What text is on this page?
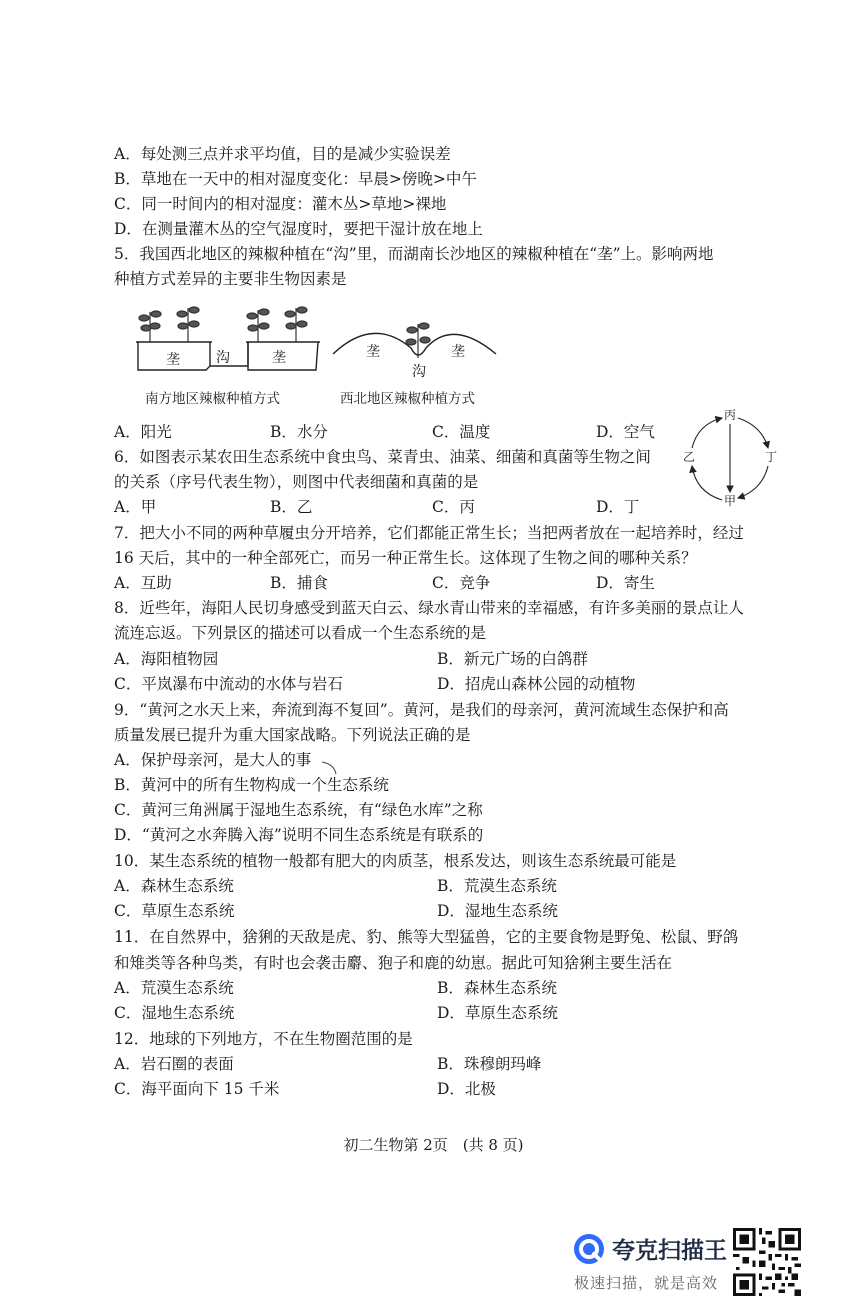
A．每处测三点并求平均值，目的是减少实验误差
B．草地在一天中的相对湿度变化：早晨>傍晚>中午
C．同一时间内的相对湿度：灌木丛>草地>裸地
D．在测量灌木丛的空气湿度时，要把干湿计放在地上
5．我国西北地区的辣椒种植在“沟”里，而湖南长沙地区的辣椒种植在“垄”上。影响两地
种植方式差异的主要非生物因素是
垄	沟	垄	垄	垄
沟
南方地区辣椒种植方式	西北地区辣椒种植方式
A．阳光	B．水分	C．温度	D．空气
6．如图表示某农田生态系统中食虫鸟、菜青虫、油菜、细菌和真菌等生物之间
的关系（序号代表生物），则图中代表细菌和真菌的是
丙
乙	丁
甲
A．甲	B．乙	C．丙	D．丁
7．把大小不同的两种草履虫分开培养，它们都能正常生长；当把两者放在一起培养时，经过
16 天后，其中的一种全部死亡，而另一种正常生长。这体现了生物之间的哪种关系？
A．互助	B．捕食	C．竞争	D．寄生
8．近些年，海阳人民切身感受到蓝天白云、绿水青山带来的幸福感，有许多美丽的景点让人
流连忘返。下列景区的描述可以看成一个生态系统的是
A．海阳植物园	B．新元广场的白鸽群
C．平岚瀑布中流动的水体与岩石	D．招虎山森林公园的动植物
9．“黄河之水天上来，奔流到海不复回”。黄河，是我们的母亲河，黄河流域生态保护和高
质量发展已提升为重大国家战略。下列说法正确的是
A．保护母亲河，是大人的事
B．黄河中的所有生物构成一个生态系统
C．黄河三角洲属于湿地生态系统，有“绿色水库”之称
D．“黄河之水奔腾入海”说明不同生态系统是有联系的
10．某生态系统的植物一般都有肥大的肉质茎，根系发达，则该生态系统最可能是
A．森林生态系统	B．荒漠生态系统
C．草原生态系统	D．湿地生态系统
11．在自然界中，猞猁的天敌是虎、豹、熊等大型猛兽，它的主要食物是野兔、松鼠、野鸽
和雉类等各种鸟类，有时也会袭击麝、狍子和鹿的幼崽。据此可知猞猁主要生活在
A．荒漠生态系统	B．森林生态系统
C．湿地生态系统	D．草原生态系统
12．地球的下列地方，不在生物圈范围的是
A．岩石圈的表面	B．珠穆朗玛峰
C．海平面向下 15 千米	D．北极
初二生物第 2页　(共 8 页)
夸克扫描王
极速扫描，就是高效
